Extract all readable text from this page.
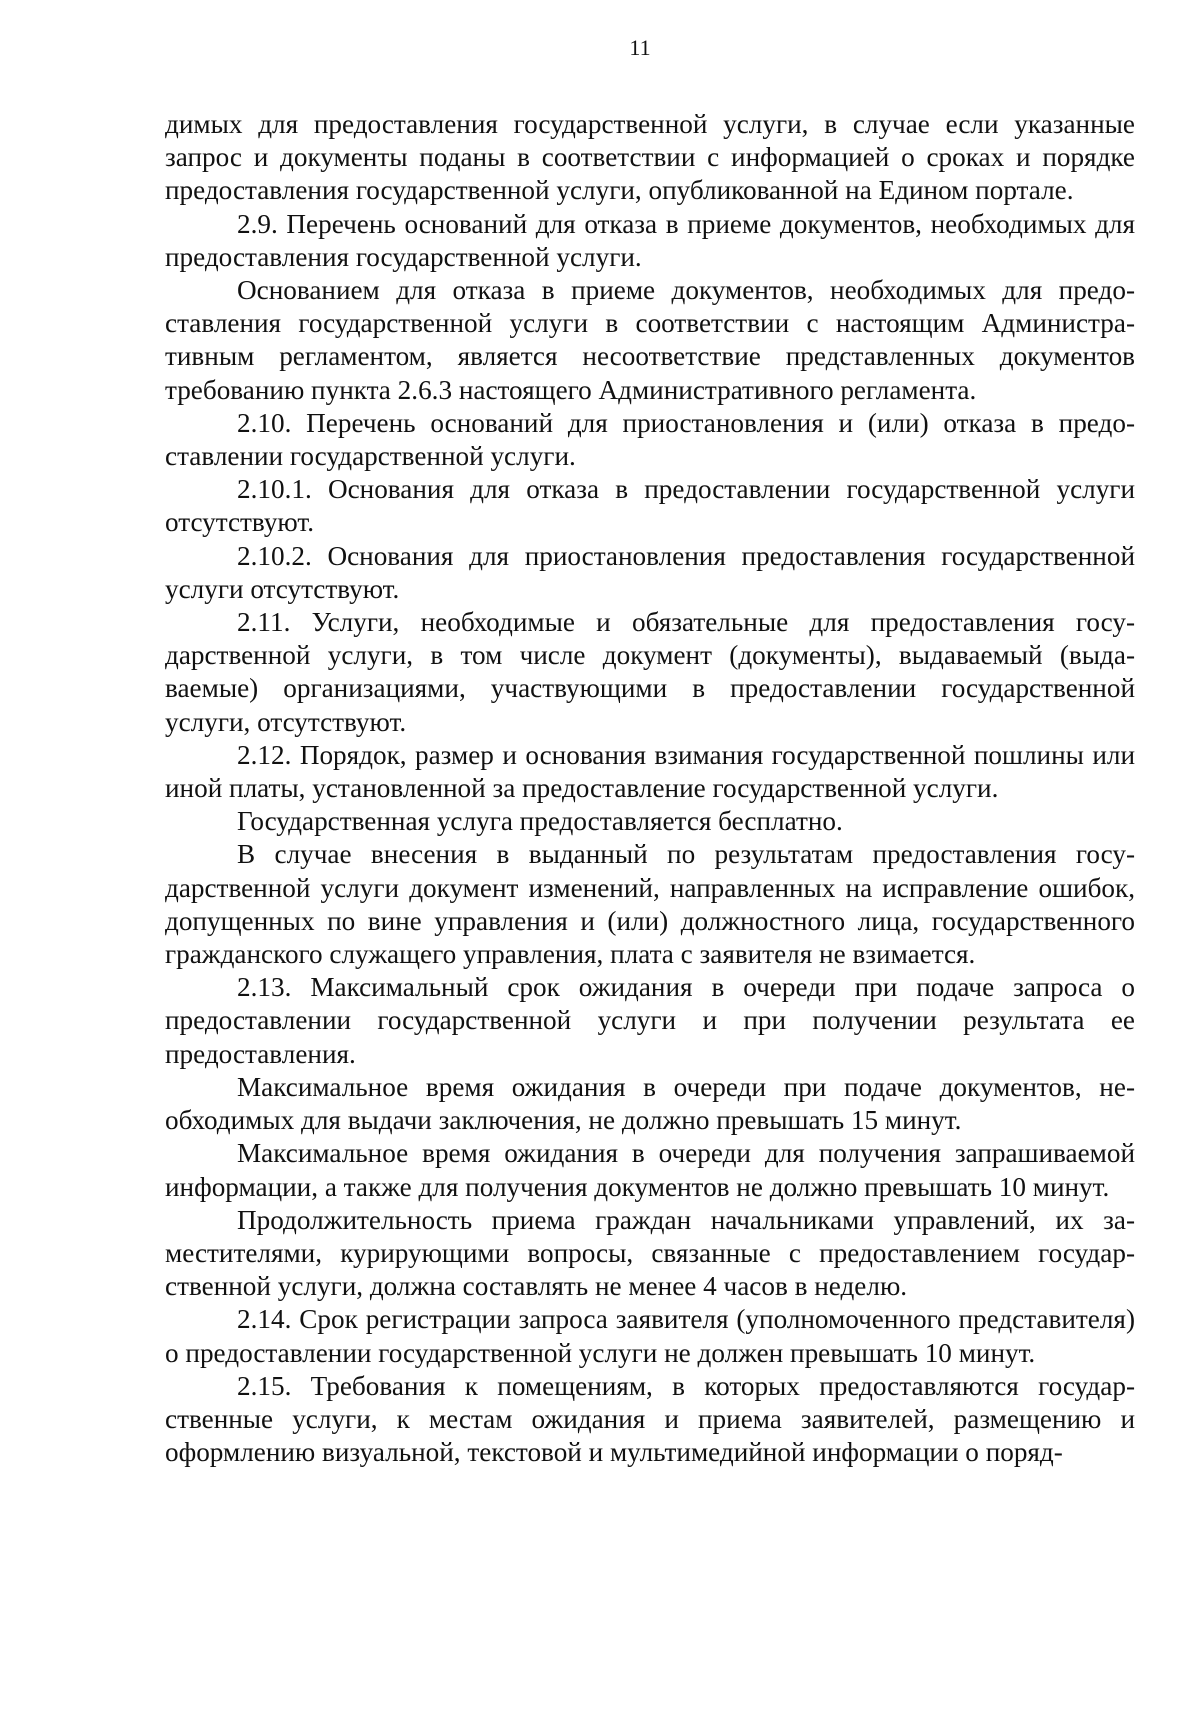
11

димых для предоставления государственной услуги, в случае если указанные запрос и документы поданы в соответствии с информацией о сроках и порядке предоставления государственной услуги, опубликованной на Едином портале.

2.9. Перечень оснований для отказа в приеме документов, необходимых для предоставления государственной услуги.

Основанием для отказа в приеме документов, необходимых для предоставления государственной услуги в соответствии с настоящим Административным регламентом, является несоответствие представленных документов требованию пункта 2.6.3 настоящего Административного регламента.

2.10. Перечень оснований для приостановления и (или) отказа в предоставлении государственной услуги.

2.10.1. Основания для отказа в предоставлении государственной услуги отсутствуют.

2.10.2. Основания для приостановления предоставления государственной услуги отсутствуют.

2.11. Услуги, необходимые и обязательные для предоставления государственной услуги, в том числе документ (документы), выдаваемый (выдаваемые) организациями, участвующими в предоставлении государственной услуги, отсутствуют.

2.12. Порядок, размер и основания взимания государственной пошлины или иной платы, установленной за предоставление государственной услуги.

Государственная услуга предоставляется бесплатно.

В случае внесения в выданный по результатам предоставления государственной услуги документ изменений, направленных на исправление ошибок, допущенных по вине управления и (или) должностного лица, государственного гражданского служащего управления, плата с заявителя не взимается.

2.13. Максимальный срок ожидания в очереди при подаче запроса о предоставлении государственной услуги и при получении результата ее предоставления.

Максимальное время ожидания в очереди при подаче документов, необходимых для выдачи заключения, не должно превышать 15 минут.

Максимальное время ожидания в очереди для получения запрашиваемой информации, а также для получения документов не должно превышать 10 минут.

Продолжительность приема граждан начальниками управлений, их заместителями, курирующими вопросы, связанные с предоставлением государственной услуги, должна составлять не менее 4 часов в неделю.

2.14. Срок регистрации запроса заявителя (уполномоченного представителя) о предоставлении государственной услуги не должен превышать 10 минут.

2.15. Требования к помещениям, в которых предоставляются государственные услуги, к местам ожидания и приема заявителей, размещению и оформлению визуальной, текстовой и мультимедийной информации о поряд-
